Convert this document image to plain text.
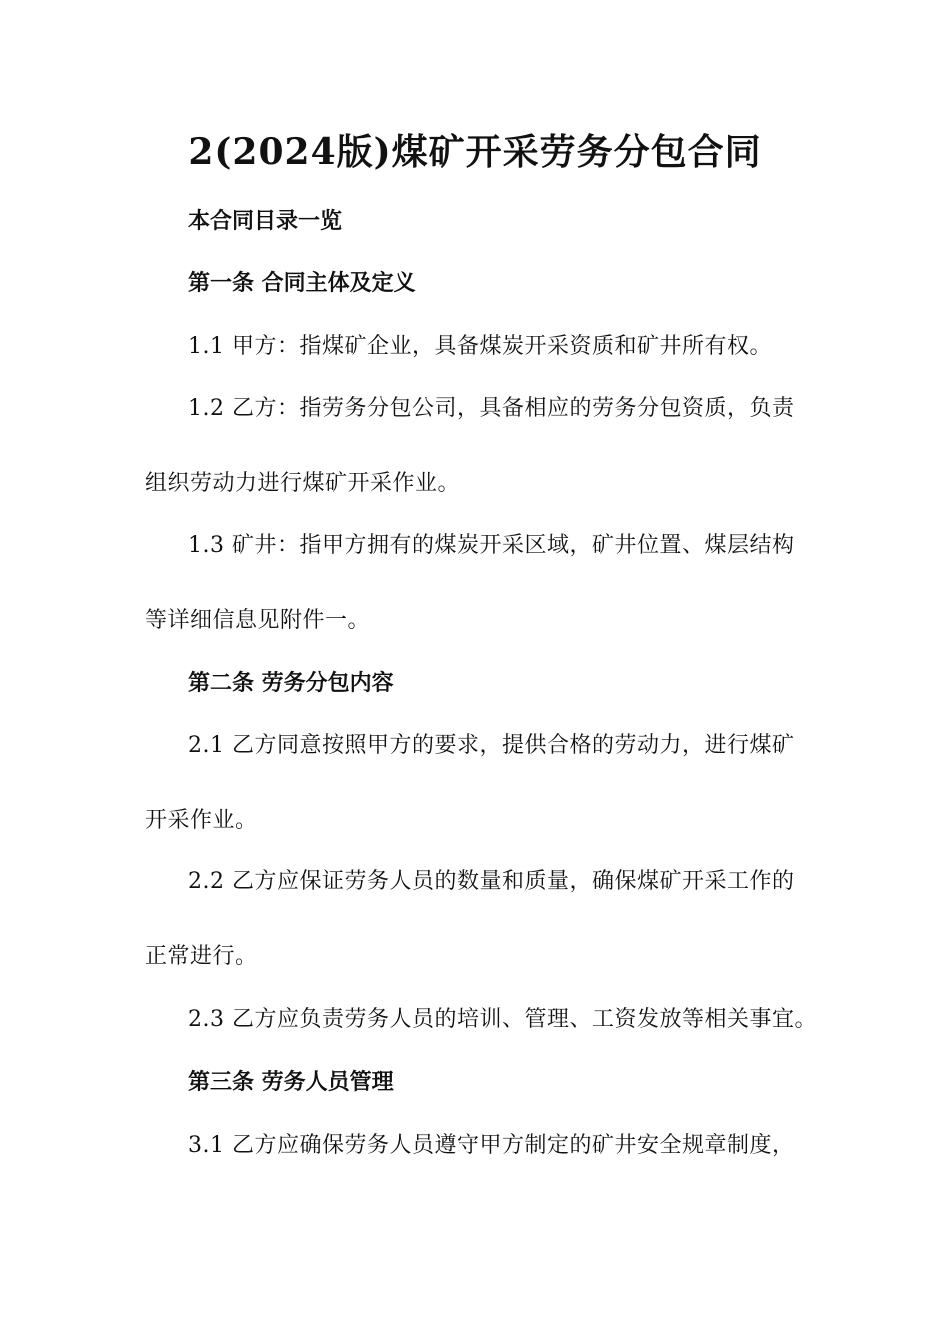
2(2024版)煤矿开采劳务分包合同
本合同目录一览
第一条 合同主体及定义
1.1 甲方：指煤矿企业，具备煤炭开采资质和矿井所有权。
1.2 乙方：指劳务分包公司，具备相应的劳务分包资质，负责
组织劳动力进行煤矿开采作业。
1.3 矿井：指甲方拥有的煤炭开采区域，矿井位置、煤层结构
等详细信息见附件一。
第二条 劳务分包内容
2.1 乙方同意按照甲方的要求，提供合格的劳动力，进行煤矿
开采作业。
2.2 乙方应保证劳务人员的数量和质量，确保煤矿开采工作的
正常进行。
2.3 乙方应负责劳务人员的培训、管理、工资发放等相关事宜。
第三条 劳务人员管理
3.1 乙方应确保劳务人员遵守甲方制定的矿井安全规章制度，
